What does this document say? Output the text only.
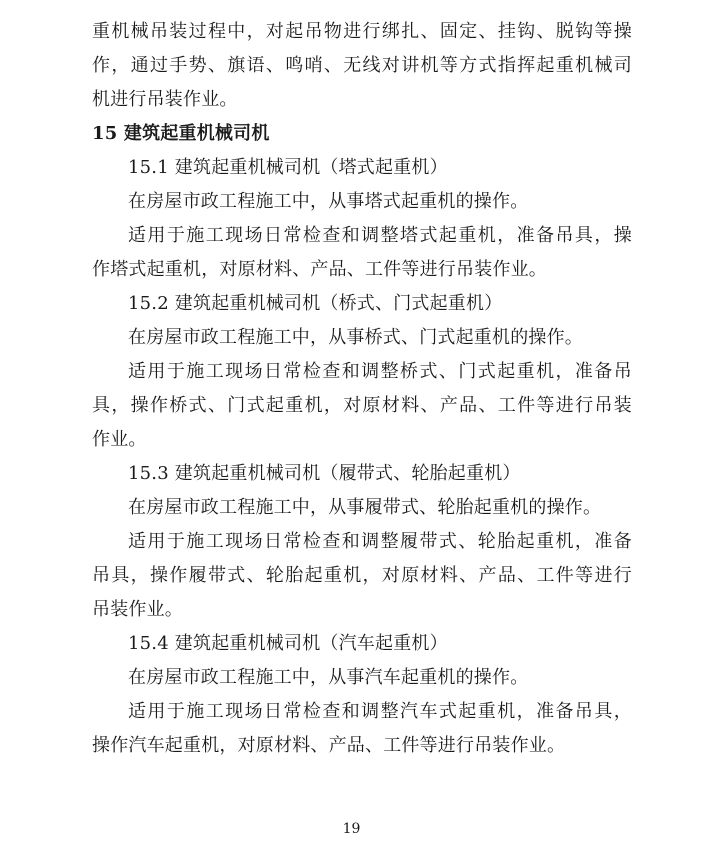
重机械吊装过程中，对起吊物进行绑扎、固定、挂钩、脱钩等操
作，通过手势、旗语、鸣哨、无线对讲机等方式指挥起重机械司
机进行吊装作业。
15 建筑起重机械司机
15.1 建筑起重机械司机（塔式起重机）
在房屋市政工程施工中，从事塔式起重机的操作。
适用于施工现场日常检查和调整塔式起重机，准备吊具，操
作塔式起重机，对原材料、产品、工件等进行吊装作业。
15.2 建筑起重机械司机（桥式、门式起重机）
在房屋市政工程施工中，从事桥式、门式起重机的操作。
适用于施工现场日常检查和调整桥式、门式起重机，准备吊
具，操作桥式、门式起重机，对原材料、产品、工件等进行吊装
作业。
15.3 建筑起重机械司机（履带式、轮胎起重机）
在房屋市政工程施工中，从事履带式、轮胎起重机的操作。
适用于施工现场日常检查和调整履带式、轮胎起重机，准备
吊具，操作履带式、轮胎起重机，对原材料、产品、工件等进行
吊装作业。
15.4 建筑起重机械司机（汽车起重机）
在房屋市政工程施工中，从事汽车起重机的操作。
适用于施工现场日常检查和调整汽车式起重机，准备吊具，
操作汽车起重机，对原材料、产品、工件等进行吊装作业。
19
